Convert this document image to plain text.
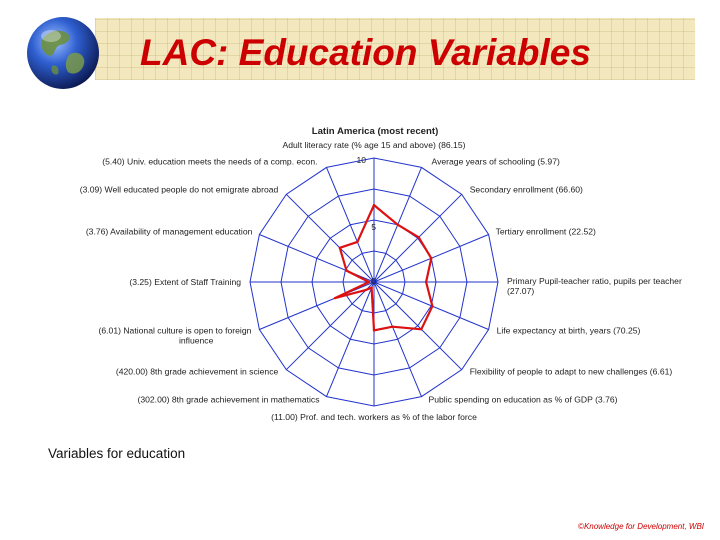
LAC: Education Variables
Latin America (most recent)
Adult literacy rate (% age 15 and above) (86.15)
Average years of schooling (5.97)
Secondary enrollment (66.60)
Tertiary enrollment (22.52)
Primary Pupil-teacher ratio, pupils per teacher
(27.07)
Life expectancy at birth, years (70.25)
Flexibility of people to adapt to new challenges (6.61)
Public spending on education as % of GDP (3.76)
(11.00) Prof. and tech. workers as % of the labor force
(302.00) 8th grade achievement in mathematics
(420.00) 8th grade achievement in science
(6.01) National culture is open to foreign
influence
(3.25) Extent of Staff Training
(3.76) Availability of management education
(3.09) Well educated people do not emigrate abroad
(5.40) Univ. education meets the needs of a comp. econ.	10
5
0
Variables for education
©Knowledge for Development, WBI
